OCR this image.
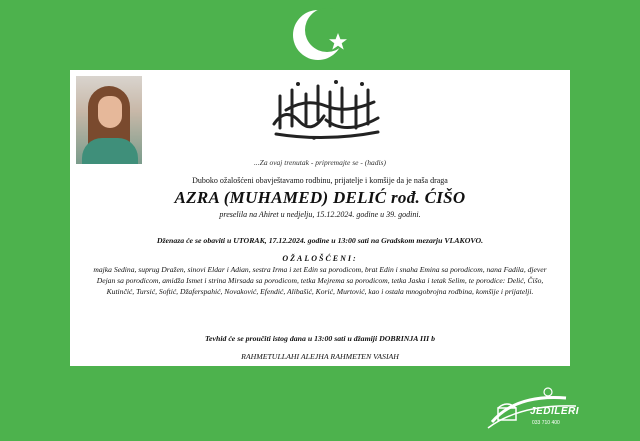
...Za ovaj trenutak - pripremajte se - (hadis)
Duboko ožalošćeni obavještavamo rodbinu, prijatelje i komšije da je naša draga
AZRA (MUHAMED) DELIĆ rođ. ĆIŠO
preselila na Ahiret u nedjelju, 15.12.2024. godine u 39. godini.
Dženaza će se obaviti u UTORAK, 17.12.2024. godine u 13:00 sati na Gradskom mezarju VLAKOVO.
OŽALOŠĆENI:
majka Sedina, suprug Dražen, sinovi Eldar i Adian, sestra Irma i zet Edin sa porodicom, brat Edin i snaha Emina sa porodicom, nana Fadila, djever Dejan sa porodicom, amidža Ismet i strina Mirsada sa porodicom, tetka Mejrema sa porodicom, tetka Jaska i tetak Selim, te porodice: Delić, Čišo, Kutinčić, Tursić, Softić, Džaferspahić, Novaković, Efendić, Alibašić, Korić, Murtović, kao i ostala mnogobrojna rodbina, komšije i prijatelji.
Tevhid će se proučiti istog dana u 13:00 sati u džamiji DOBRINJA III b
RAHMETULLAHI ALEJHA RAHMETEN VASIAH
JEDILERI
033 710 400
